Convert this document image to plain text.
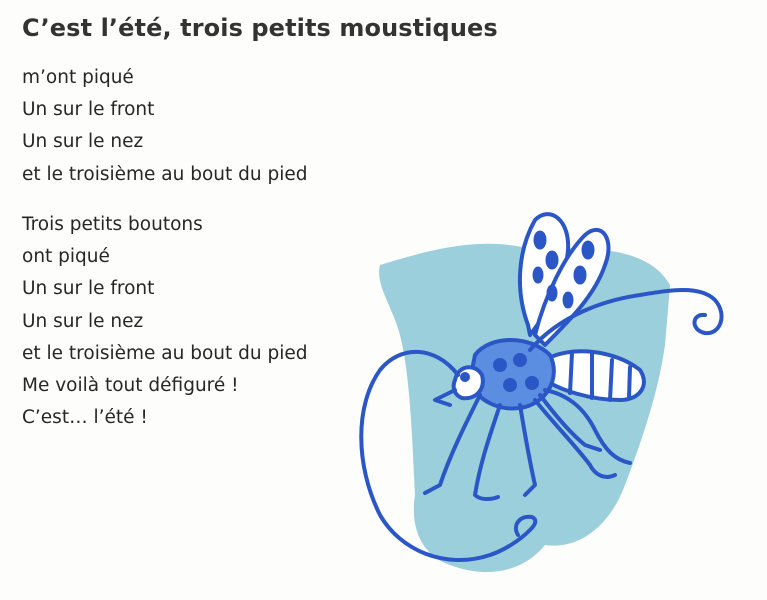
C’est l’été, trois petits moustiques
m’ont piqué
Un sur le front
Un sur le nez
et le troisième au bout du pied
Trois petits boutons
ont piqué
Un sur le front
Un sur le nez
et le troisième au bout du pied
Me voilà tout défiguré !
C’est… l’été !
